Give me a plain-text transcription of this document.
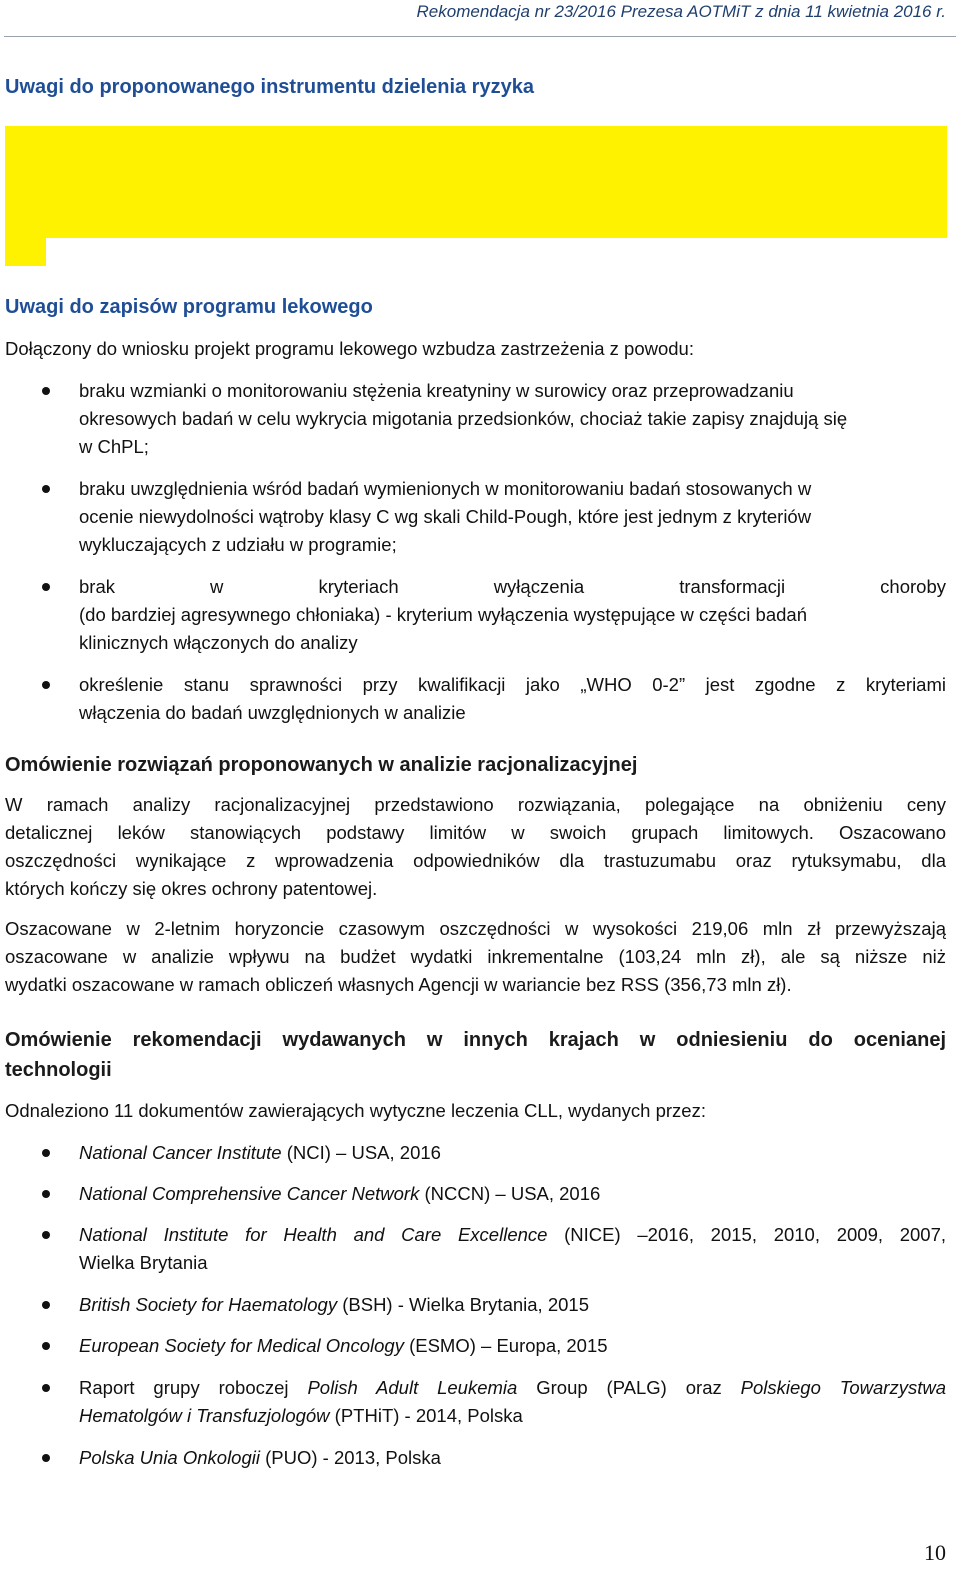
Rekomendacja nr 23/2016 Prezesa AOTMiT z dnia 11 kwietnia 2016 r.
Uwagi do proponowanego instrumentu dzielenia ryzyka
Uwagi do zapisów programu lekowego
Dołączony do wniosku projekt programu lekowego wzbudza zastrzeżenia z powodu:
braku wzmianki o monitorowaniu stężenia kreatyniny w surowicy oraz przeprowadzaniu
okresowych badań w celu wykrycia migotania przedsionków, chociaż takie zapisy znajdują się
w ChPL;
braku uwzględnienia wśród badań wymienionych w monitorowaniu badań stosowanych w
ocenie niewydolności wątroby klasy C wg skali Child-Pough, które jest jednym z kryteriów
wykluczających z udziału w programie;
brak w kryteriach wyłączenia transformacji choroby
(do bardziej agresywnego chłoniaka) - kryterium wyłączenia występujące w części badań
klinicznych włączonych do analizy
określenie stanu sprawności przy kwalifikacji jako „WHO 0-2” jest zgodne z kryteriami
włączenia do badań uwzględnionych w analizie
Omówienie rozwiązań proponowanych w analizie racjonalizacyjnej
W ramach analizy racjonalizacyjnej przedstawiono rozwiązania, polegające na obniżeniu ceny
detalicznej leków stanowiących podstawy limitów w swoich grupach limitowych. Oszacowano
oszczędności wynikające z wprowadzenia odpowiedników dla trastuzumabu oraz rytuksymabu, dla
których kończy się okres ochrony patentowej.
Oszacowane w 2-letnim horyzoncie czasowym oszczędności w wysokości 219,06 mln zł przewyższają
oszacowane w analizie wpływu na budżet wydatki inkrementalne (103,24 mln zł), ale są niższe niż
wydatki oszacowane w ramach obliczeń własnych Agencji w wariancie bez RSS (356,73 mln zł).
Omówienie rekomendacji wydawanych w innych krajach w odniesieniu do ocenianej
technologii
Odnaleziono 11 dokumentów zawierających wytyczne leczenia CLL, wydanych przez:
National Cancer Institute (NCI) – USA, 2016
National Comprehensive Cancer Network (NCCN) – USA, 2016
National Institute for Health and Care Excellence (NICE) –2016, 2015, 2010, 2009, 2007,
Wielka Brytania
British Society for Haematology (BSH) - Wielka Brytania, 2015
European Society for Medical Oncology (ESMO) – Europa, 2015
Raport grupy roboczej Polish Adult Leukemia Group (PALG) oraz Polskiego Towarzystwa
Hematolgów i Transfuzjologów (PTHiT) - 2014, Polska
Polska Unia Onkologii (PUO) - 2013, Polska
10
